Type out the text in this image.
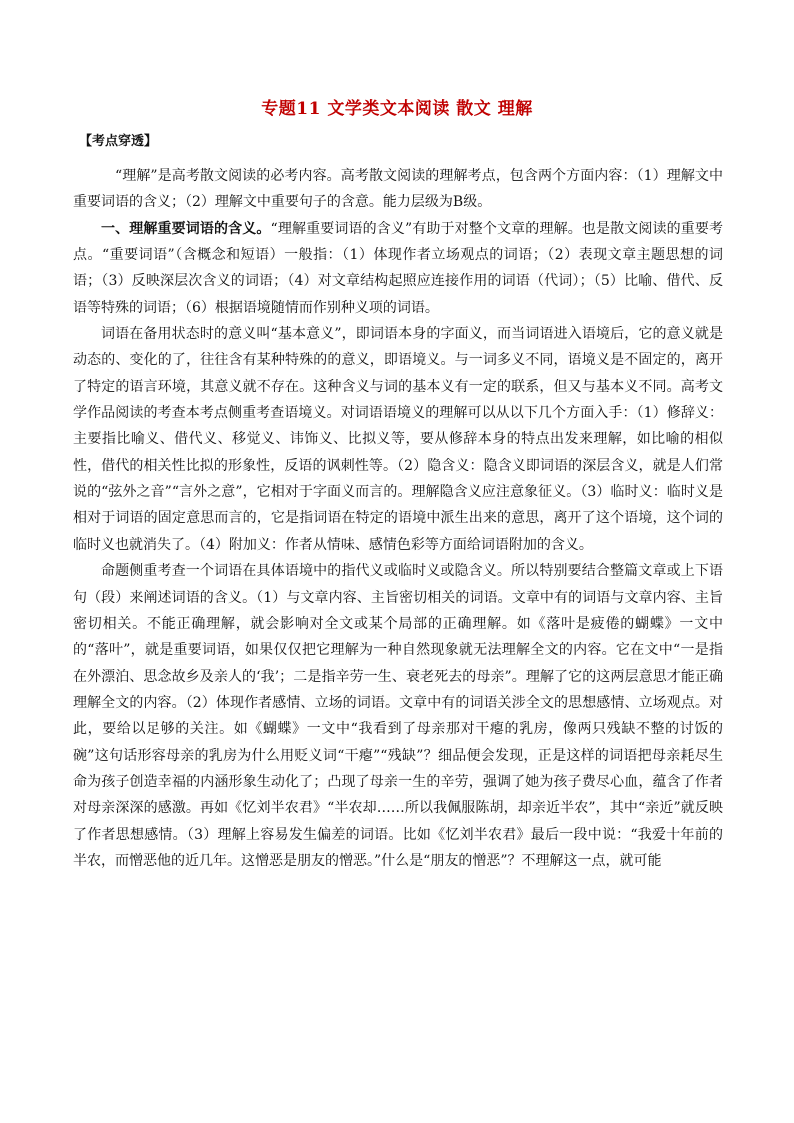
专题11 文学类文本阅读 散文 理解
【考点穿透】

“理解”是高考散文阅读的必考内容。高考散文阅读的理解考点，包含两个方面内容：（1）理解文中重要词语的含义；（2）理解文中重要句子的含意。能力层级为B级。

一、理解重要词语的含义。“理解重要词语的含义”有助于对整个文章的理解。也是散文阅读的重要考点。“重要词语”（含概念和短语）一般指：（1）体现作者立场观点的词语；（2）表现文章主题思想的词语；（3）反映深层次含义的词语；（4）对文章结构起照应连接作用的词语（代词）；（5）比喻、借代、反语等特殊的词语；（6）根据语境随情而作别种义项的词语。

词语在备用状态时的意义叫“基本意义”，即词语本身的字面义，而当词语进入语境后，它的意义就是动态的、变化的了，往往含有某种特殊的的意义，即语境义。与一词多义不同，语境义是不固定的，离开了特定的语言环境，其意义就不存在。这种含义与词的基本义有一定的联系，但又与基本义不同。高考文学作品阅读的考查本考点侧重考查语境义。对词语语境义的理解可以从以下几个方面入手：（1）修辞义：主要指比喻义、借代义、移觉义、讳饰义、比拟义等，要从修辞本身的特点出发来理解，如比喻的相似性，借代的相关性比拟的形象性，反语的讽刺性等。（2）隐含义：隐含义即词语的深层含义，就是人们常说的“弦外之音”“言外之意”，它相对于字面义而言的。理解隐含义应注意象征义。（3）临时义：临时义是相对于词语的固定意思而言的，它是指词语在特定的语境中派生出来的意思，离开了这个语境，这个词的临时义也就消失了。（4）附加义：作者从情味、感情色彩等方面给词语附加的含义。

命题侧重考查一个词语在具体语境中的指代义或临时义或隐含义。所以特别要结合整篇文章或上下语句（段）来阐述词语的含义。（1）与文章内容、主旨密切相关的词语。文章中有的词语与文章内容、主旨密切相关。不能正确理解，就会影响对全文或某个局部的正确理解。如《落叶是疲倦的蝴蝶》一文中的“落叶”，就是重要词语，如果仅仅把它理解为一种自然现象就无法理解全文的内容。它在文中“一是指在外漂泊、思念故乡及亲人的‘我’；二是指辛劳一生、衰老死去的母亲”。理解了它的这两层意思才能正确理解全文的内容。（2）体现作者感情、立场的词语。文章中有的词语关涉全文的思想感情、立场观点。对此，要给以足够的关注。如《蝴蝶》一文中“我看到了母亲那对干瘪的乳房，像两只残缺不整的讨饭的碗”这句话形容母亲的乳房为什么用贬义词“干瘪”“残缺”？细品便会发现，正是这样的词语把母亲耗尽生命为孩子创造幸福的内涵形象生动化了；凸现了母亲一生的辛劳，强调了她为孩子费尽心血，蕴含了作者对母亲深深的感激。再如《忆刘半农君》“半农却……所以我佩服陈胡，却亲近半农”，其中“亲近”就反映了作者思想感情。（3）理解上容易发生偏差的词语。比如《忆刘半农君》最后一段中说：“我爱十年前的半农，而憎恶他的近几年。这憎恶是朋友的憎恶。”什么是“朋友的憎恶”？不理解这一点，就可能
